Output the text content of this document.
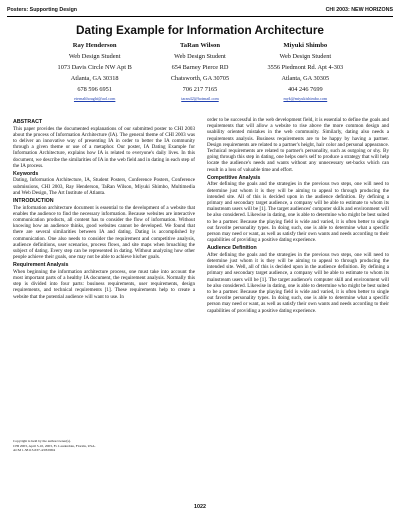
Posters: Supporting Design	CHI 2003: NEW HORIZONS
Dating Example for Information Architecture
Ray Henderson
Web Design Student
1073 Davis Circle NW Apt B
Atlanta, GA 30318
678 596 6951
eternalthought@aol.com
TaRan Wilson
Web Design Student
654 Barney Pierce RD
Chatsworth, GA 30705
706 217 7165
taran42@hotmail.com
Miyuki Shimbo
Web Design Student
3556 Piedmont Rd. Apt 4-303
Atlanta, GA 30305
404 246 7699
myk@miyukishimbo.com
ABSTRACT

This paper provides the documented explanations of our submitted poster to CHI 2003 about the process of Information Architecture (IA). The general theme of CHI 2003 was to deliver an innovative way of presenting IA in order to better the IA community through a given theme or use of a metaphor. Our poster, IA Dating Example for Information Architecture, explains how IA is related to everyone's daily lives. In this document, we describe the similarities of IA in the web field and in dating in each step of the IA process.

Keywords

Dating, Information Architecture, IA, Student Posters, Conference Posters, Conference submissions, CHI 2003, Ray Henderson, TaRan Wilson, Miyuki Shimbo, Multimedia and Web Design, The Art Institute of Atlanta.

INTRODUCTION

The information architecture document is essential to the development of a website that enables the audience to find the necessary information. Because websites are interactive communication products, all content has to consider the flow of information. Without knowing how an audience thinks, good websites cannot be developed. We found that there are several similarities between IA and dating. Dating is accomplished by communication. One also needs to consider the requirement and competitive analysis, audience definitions, user scenarios, process flows, and site maps when broaching the subject of dating. Every step can be represented in dating. Without analyzing how other people achieve their goals, one may not be able to achieve his/her goals.

Requirement Analysis

When beginning the information architecture process, one must take into account the most important parts of a healthy IA document, the requirement analysis. Normally this step is divided into four parts: business requirements, user requirements, design requirements, and technical requirements [1]. These requirements help to create a website that the potential audience will want to use. In

Copyright is held by the author/owner(s).
CHI 2003, April 5-10, 2003, Ft. Lauderdale, Florida, USA.
ACM 1-58113-637-4/03/0004

order to be successful in the web development field, it is essential to define the goals and requirements that will allow a website to rise above the more common design and usability oriented mistakes in the web community. Similarly, dating also needs a requirements analysis. Business requirements are to be happy by having a partner. Design requirements are related to a partner's height, hair color and personal appearance. Technical requirements are related to partner's personality, such as outgoing or shy. By going through this step in dating, one helps one's self to produce a strategy that will help locate the audience's needs and wants without any unnecessary set-backs which can result in a loss of valuable time and effort.

Competitive Analysis

After defining the goals and the strategies in the previous two steps, one will need to determine just whom it is they will be aiming to appeal to through producing the intended site. All of this is decided upon in the audience definition. By defining a primary and secondary target audience, a company will be able to estimate to whom its mainstream users will be [1]. The target audiences' computer skills and environment will be also considered. Likewise in dating, one is able to determine who might be best suited to be a partner. Because the playing field is wide and varied, it is often better to single out favorite personality types. In doing such, one is able to determine what a specific person may need or want, as well as satisfy their own wants and needs according to their capabilities of providing a positive dating experience.

Audience Definition

After defining the goals and the strategies in the previous two steps, one will need to determine just whom it is they will be aiming to appeal to through producing the intended site. Well, all of this is decided upon in the audience definition. By defining a primary and secondary target audience, a company will be able to estimate to whom its mainstream users will be [1]. The target audience's computer skill and environment will be also considered. Likewise in dating, one is able to determine who might be best suited to be a partner. Because the playing field is wide and varied, it is often better to single out favorite personality types. In doing such, one is able to determine what a specific person may need or want, as well as satisfy their own wants and needs according to their capabilities of providing a positive dating experience.

1022
